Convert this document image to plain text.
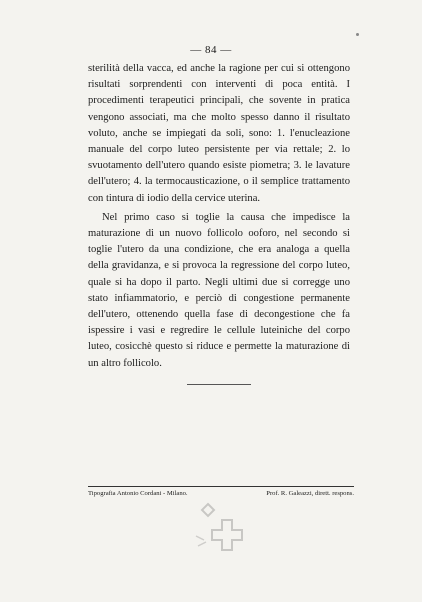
— 84 —

sterilità della vacca, ed anche la ragione per cui si ottengono risultati sorprendenti con interventi di poca entità. I procedimenti terapeutici principali, che sovente in pratica vengono associati, ma che molto spesso danno il risultato voluto, anche se impiegati da soli, sono: 1. l'enucleazione manuale del corpo luteo persistente per via rettale; 2. lo svuotamento dell'utero quando esiste piometra; 3. le lavature dell'utero; 4. la termocausticazione, o il semplice trattamento con tintura di iodio della cervice uterina.

Nel primo caso si toglie la causa che impedisce la maturazione di un nuovo follicolo ooforo, nel secondo si toglie l'utero da una condizione, che era analoga a quella della gravidanza, e si provoca la regressione del corpo luteo, quale si ha dopo il parto. Negli ultimi due si corregge uno stato infiammatorio, e perciò di congestione permanente dell'utero, ottenendo quella fase di decongestione che fa ispessire i vasi e regredire le cellule luteiniche del corpo luteo, cosicchè questo si riduce e permette la maturazione di un altro follicolo.

Tipografia Antonio Cordani - Milano.	Prof. R. Galeazzi, dirett. respons.
